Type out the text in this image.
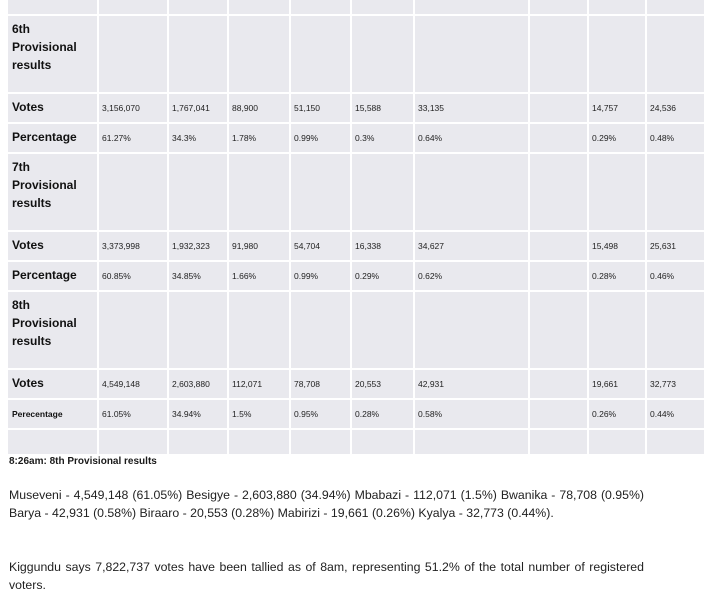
6th Provisional results									
Votes	3,156,070	1,767,041	88,900	51,150	15,588	33,135		14,757	24,536
Percentage	61.27%	34.3%	1.78%	0.99%	0.3%	0.64%		0.29%	0.48%
7th Provisional results									
Votes	3,373,998	1,932,323	91,980	54,704	16,338	34,627		15,498	25,631
Percentage	60.85%	34.85%	1.66%	0.99%	0.29%	0.62%		0.28%	0.46%
8th Provisional results									
Votes	4,549,148	2,603,880	112,071	78,708	20,553	42,931		19,661	32,773
Perecentage	61.05%	34.94%	1.5%	0.95%	0.28%	0.58%		0.26%	0.44%

8:26am: 8th Provisional results
Museveni - 4,549,148 (61.05%) Besigye - 2,603,880 (34.94%) Mbabazi - 112,071 (1.5%) Bwanika - 78,708 (0.95%) Barya - 42,931 (0.58%) Biraaro - 20,553 (0.28%) Mabirizi - 19,661 (0.26%) Kyalya - 32,773 (0.44%).
Kiggundu says 7,822,737 votes have been tallied as of 8am, representing 51.2% of the total number of registered voters.
